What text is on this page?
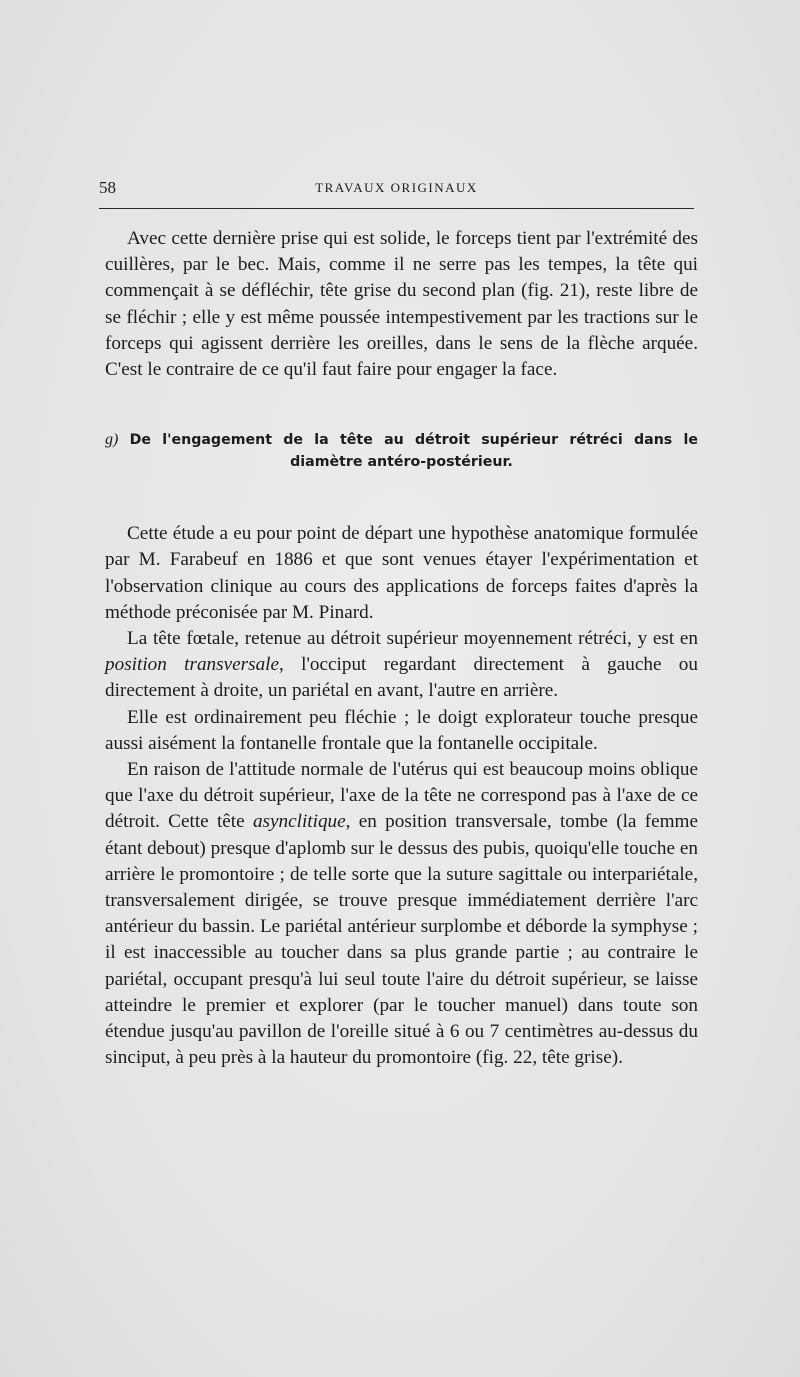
58	TRAVAUX ORIGINAUX

Avec cette dernière prise qui est solide, le forceps tient par l'extrémité des cuillères, par le bec. Mais, comme il ne serre pas les tempes, la tête qui commençait à se défléchir, tête grise du second plan (fig. 21), reste libre de se fléchir ; elle y est même poussée intempestivement par les tractions sur le forceps qui agissent derrière les oreilles, dans le sens de la flèche arquée. C'est le contraire de ce qu'il faut faire pour engager la face.

g) De l'engagement de la tête au détroit supérieur rétréci dans le
diamètre antéro-postérieur.

Cette étude a eu pour point de départ une hypothèse anatomique formulée par M. Farabeuf en 1886 et que sont venues étayer l'expérimentation et l'observation clinique au cours des applications de forceps faites d'après la méthode préconisée par M. Pinard.

La tête fœtale, retenue au détroit supérieur moyennement rétréci, y est en position transversale, l'occiput regardant directement à gauche ou directement à droite, un pariétal en avant, l'autre en arrière.

Elle est ordinairement peu fléchie ; le doigt explorateur touche presque aussi aisément la fontanelle frontale que la fontanelle occipitale.

En raison de l'attitude normale de l'utérus qui est beaucoup moins oblique que l'axe du détroit supérieur, l'axe de la tête ne correspond pas à l'axe de ce détroit. Cette tête asynclitique, en position transversale, tombe (la femme étant debout) presque d'aplomb sur le dessus des pubis, quoiqu'elle touche en arrière le promontoire ; de telle sorte que la suture sagittale ou interpariétale, transversalement dirigée, se trouve presque immédiatement derrière l'arc antérieur du bassin. Le pariétal antérieur surplombe et déborde la symphyse ; il est inaccessible au toucher dans sa plus grande partie ; au contraire le pariétal, occupant presqu'à lui seul toute l'aire du détroit supérieur, se laisse atteindre le premier et explorer (par le toucher manuel) dans toute son étendue jusqu'au pavillon de l'oreille situé à 6 ou 7 centimètres au-dessus du sinciput, à peu près à la hauteur du promontoire (fig. 22, tête grise).
